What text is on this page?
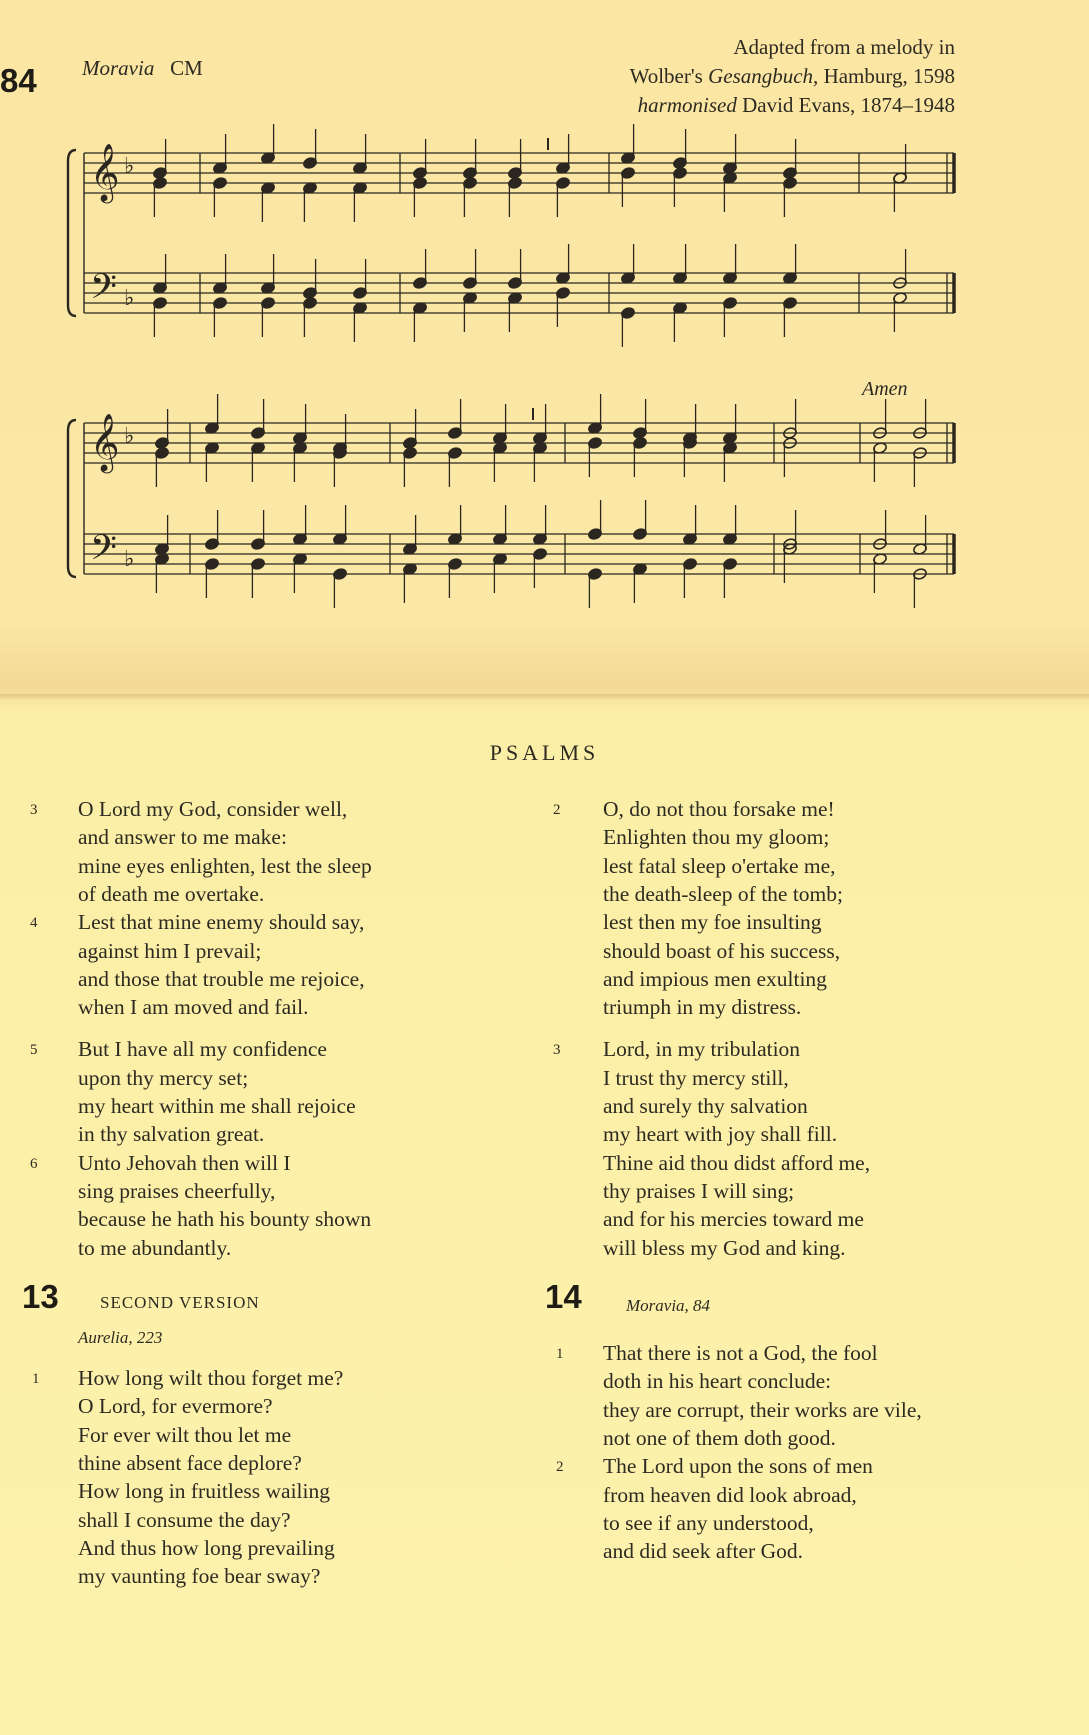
84 Moravia CM
Adapted from a melody in
Wolber's Gesangbuch, Hamburg, 1598
harmonised David Evans, 1874–1948
Amen
𝄞
𝄢
♭
♭
𝄞
𝄢
♭
♭
PSALMS
3 O Lord my God, consider well,
and answer to me make:
mine eyes enlighten, lest the sleep
of death me overtake.
4 Lest that mine enemy should say,
against him I prevail;
and those that trouble me rejoice,
when I am moved and fail.
5 But I have all my confidence
upon thy mercy set;
my heart within me shall rejoice
in thy salvation great.
6 Unto Jehovah then will I
sing praises cheerfully,
because he hath his bounty shown
to me abundantly.
13 SECOND VERSION
Aurelia, 223
1 How long wilt thou forget me?
O Lord, for evermore?
For ever wilt thou let me
thine absent face deplore?
How long in fruitless wailing
shall I consume the day?
And thus how long prevailing
my vaunting foe bear sway?
2 O, do not thou forsake me!
Enlighten thou my gloom;
lest fatal sleep o'ertake me,
the death-sleep of the tomb;
lest then my foe insulting
should boast of his success,
and impious men exulting
triumph in my distress.
3 Lord, in my tribulation
I trust thy mercy still,
and surely thy salvation
my heart with joy shall fill.
Thine aid thou didst afford me,
thy praises I will sing;
and for his mercies toward me
will bless my God and king.
14	Moravia, 84
1 That there is not a God, the fool
doth in his heart conclude:
they are corrupt, their works are vile,
not one of them doth good.
2 The Lord upon the sons of men
from heaven did look abroad,
to see if any understood,
and did seek after God.
